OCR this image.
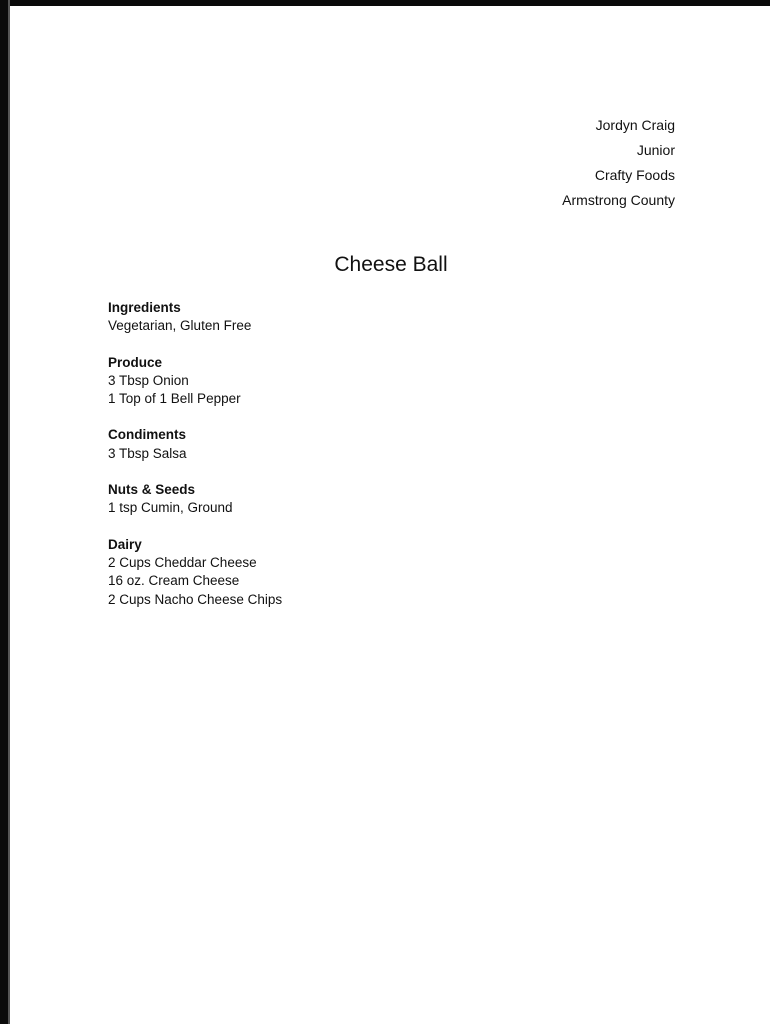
Jordyn Craig
Junior
Crafty Foods
Armstrong County
Cheese Ball
Ingredients
Vegetarian, Gluten Free
Produce
3 Tbsp Onion
1 Top of 1 Bell Pepper
Condiments
3 Tbsp Salsa
Nuts & Seeds
1 tsp Cumin, Ground
Dairy
2 Cups Cheddar Cheese
16 oz. Cream Cheese
2 Cups Nacho Cheese Chips
